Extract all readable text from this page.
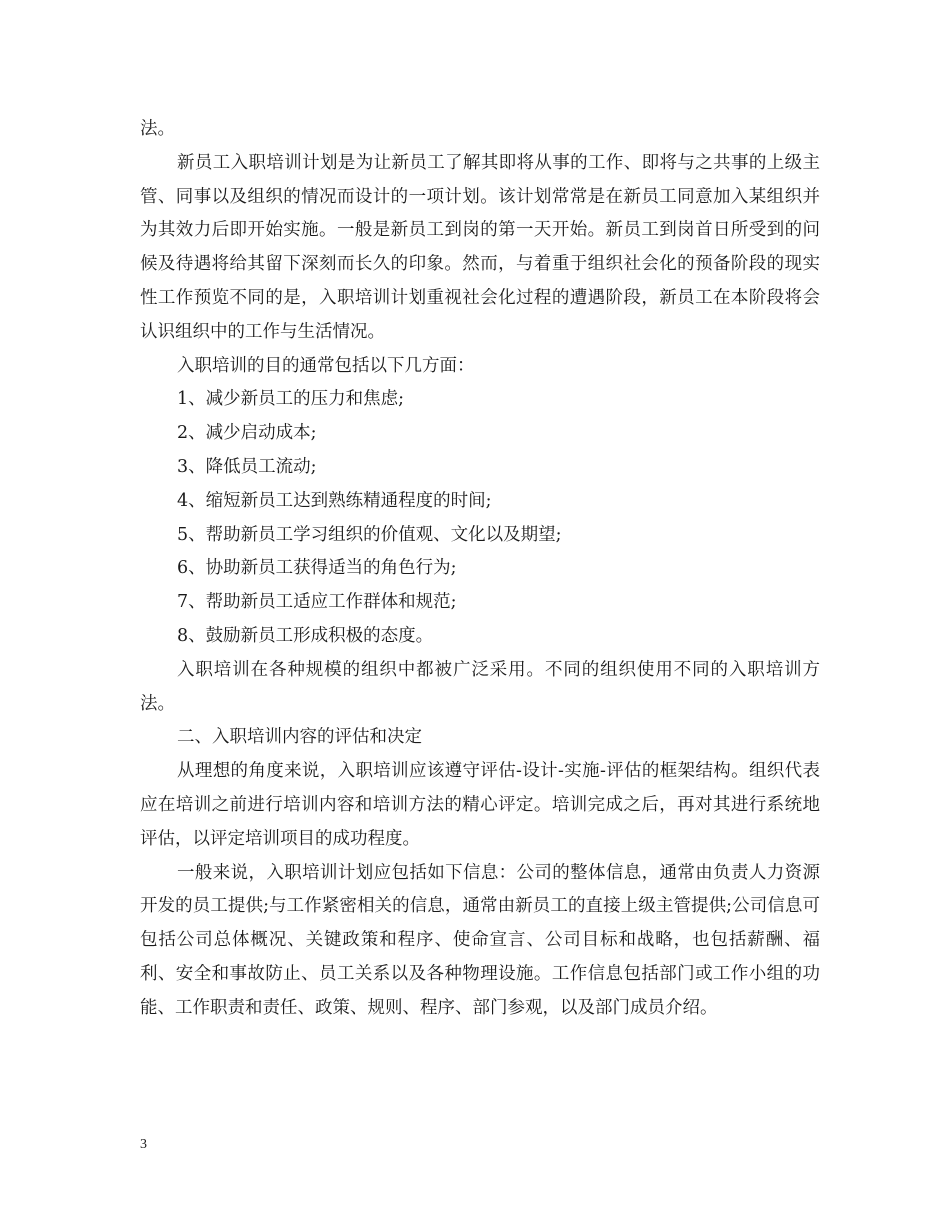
法。

新员工入职培训计划是为让新员工了解其即将从事的工作、即将与之共事的上级主管、同事以及组织的情况而设计的一项计划。该计划常常是在新员工同意加入某组织并为其效力后即开始实施。一般是新员工到岗的第一天开始。新员工到岗首日所受到的问候及待遇将给其留下深刻而长久的印象。然而，与着重于组织社会化的预备阶段的现实性工作预览不同的是，入职培训计划重视社会化过程的遭遇阶段，新员工在本阶段将会认识组织中的工作与生活情况。

入职培训的目的通常包括以下几方面：

1、减少新员工的压力和焦虑;

2、减少启动成本;

3、降低员工流动;

4、缩短新员工达到熟练精通程度的时间;

5、帮助新员工学习组织的价值观、文化以及期望;

6、协助新员工获得适当的角色行为;

7、帮助新员工适应工作群体和规范;

8、鼓励新员工形成积极的态度。

入职培训在各种规模的组织中都被广泛采用。不同的组织使用不同的入职培训方法。

二、入职培训内容的评估和决定

从理想的角度来说，入职培训应该遵守评估-设计-实施-评估的框架结构。组织代表应在培训之前进行培训内容和培训方法的精心评定。培训完成之后，再对其进行系统地评估，以评定培训项目的成功程度。

一般来说，入职培训计划应包括如下信息：公司的整体信息，通常由负责人力资源开发的员工提供;与工作紧密相关的信息，通常由新员工的直接上级主管提供;公司信息可包括公司总体概况、关键政策和程序、使命宣言、公司目标和战略，也包括薪酬、福利、安全和事故防止、员工关系以及各种物理设施。工作信息包括部门或工作小组的功能、工作职责和责任、政策、规则、程序、部门参观，以及部门成员介绍。

3
